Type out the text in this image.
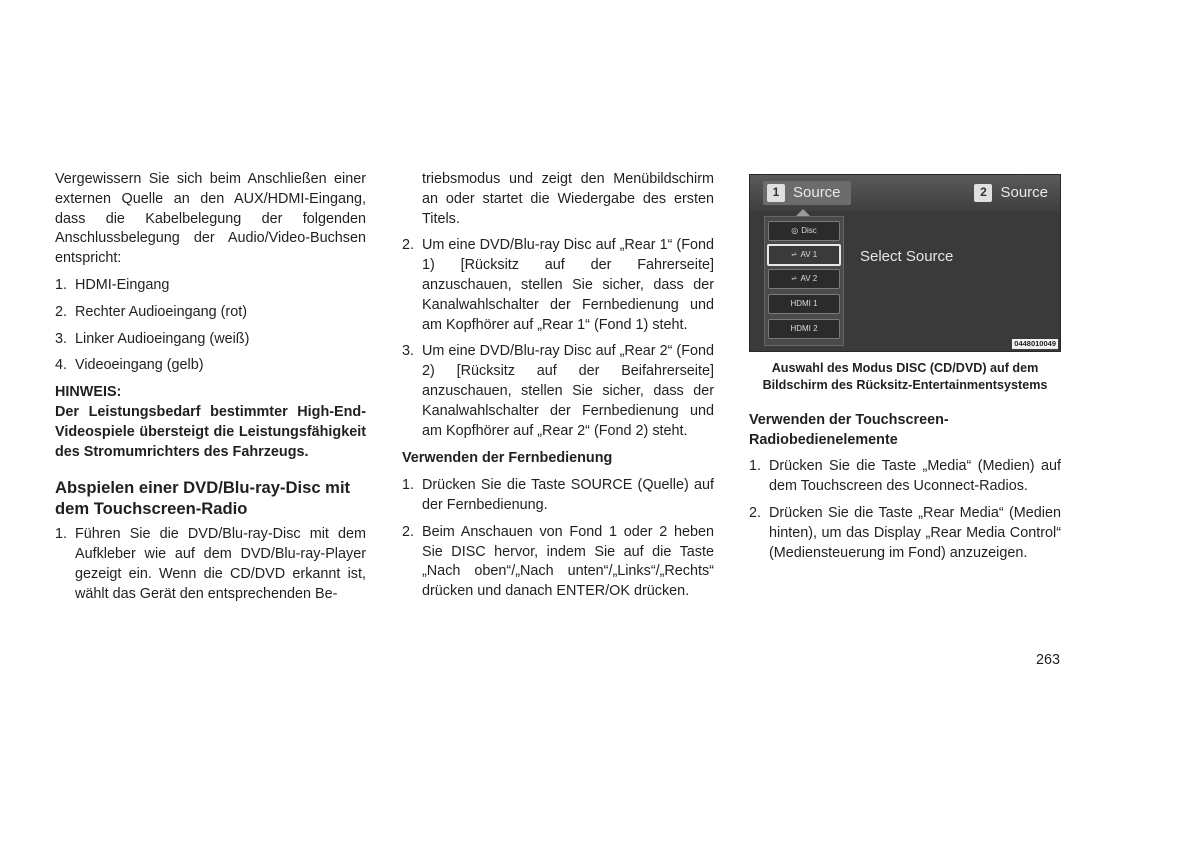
Vergewissern Sie sich beim Anschließen einer externen Quelle an den AUX/HDMI-Eingang, dass die Kabelbelegung der folgenden Anschlussbelegung der Audio/Video-Buchsen entspricht:

1. HDMI-Eingang
2. Rechter Audioeingang (rot)
3. Linker Audioeingang (weiß)
4. Videoeingang (gelb)

HINWEIS:

Der Leistungsbedarf bestimmter High-End-Videospiele übersteigt die Leistungsfähigkeit des Stromumrichters des Fahrzeugs.

Abspielen einer DVD/Blu-ray-Disc mit dem Touchscreen-Radio

1. Führen Sie die DVD/Blu-ray-Disc mit dem Aufkleber wie auf dem DVD/Blu-ray-Player gezeigt ein. Wenn die CD/DVD erkannt ist, wählt das Gerät den entsprechenden Be-

triebsmodus und zeigt den Menübildschirm an oder startet die Wiedergabe des ersten Titels.

2. Um eine DVD/Blu-ray Disc auf „Rear 1“ (Fond 1) [Rücksitz auf der Fahrerseite] anzuschauen, stellen Sie sicher, dass der Kanalwahlschalter der Fernbedienung und am Kopfhörer auf „Rear 1“ (Fond 1) steht.
3. Um eine DVD/Blu-ray Disc auf „Rear 2“ (Fond 2) [Rücksitz auf der Beifahrerseite] anzuschauen, stellen Sie sicher, dass der Kanalwahlschalter der Fernbedienung und am Kopfhörer auf „Rear 2“ (Fond 2) steht.

Verwenden der Fernbedienung

1. Drücken Sie die Taste SOURCE (Quelle) auf der Fernbedienung.
2. Beim Anschauen von Fond 1 oder 2 heben Sie DISC hervor, indem Sie auf die Taste „Nach oben“/„Nach unten“/„Links“/„Rechts“ drücken und danach ENTER/OK drücken.
1 Source	2 Source
◎ Disc
⩫ AV 1
⩫ AV 2
HDMI 1
HDMI 2
Select Source
0448010049

Auswahl des Modus DISC (CD/DVD) auf dem Bildschirm des Rücksitz-Entertainmentsystems

Verwenden der Touchscreen-Radiobedienelemente

1. Drücken Sie die Taste „Media“ (Medien) auf dem Touchscreen des Uconnect-Radios.
2. Drücken Sie die Taste „Rear Media“ (Medien hinten), um das Display „Rear Media Control“ (Mediensteuerung im Fond) anzuzeigen.
263
